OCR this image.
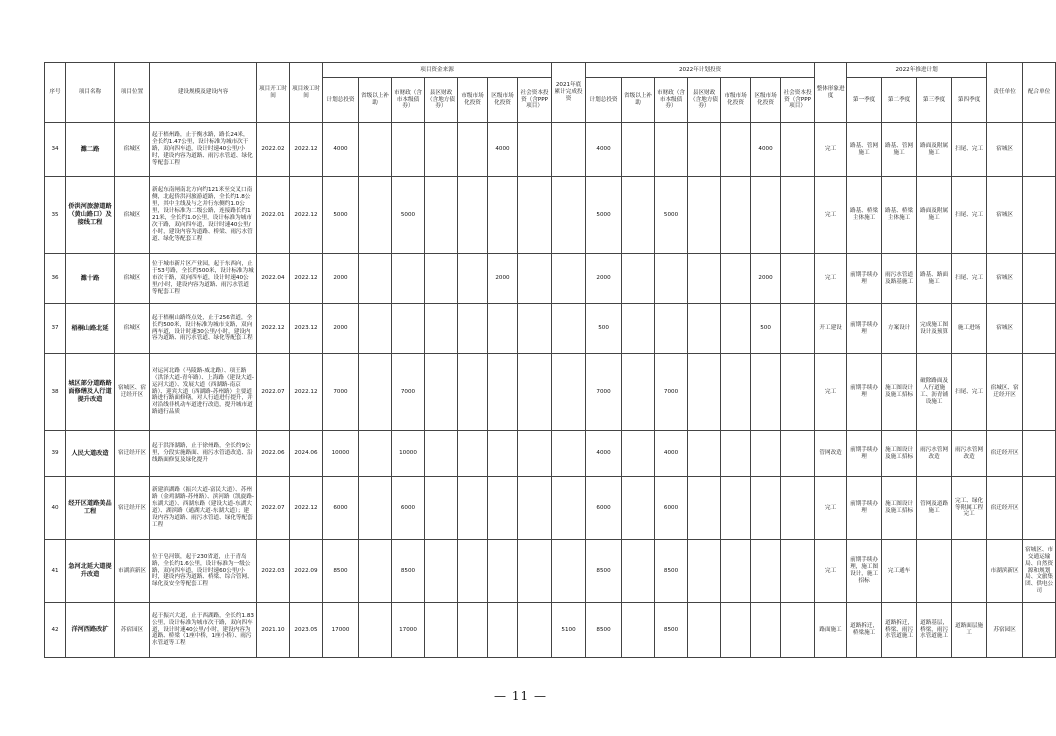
序号	项目名称	项目位置	建设规模及建设内容	项目开工时间	项目竣工时间	项目资金来源							2021年底累计完成投资	2022年计划投资							整体形象进度	2022年推进计划				责任单位	配合单位
						计划总投资	省级以上补助	市财政（含市本级债券）	县区财政（含地方债券）	市级市场化投资	区级市场化投资	社会资本投资（含PPP项目）		计划总投资	省级以上补助	市财政（含市本级债券）	县区财政（含地方债券）	市级市场化投资	区级市场化投资	社会资本投资（含PPP项目）		第一季度	第二季度	第三季度	第四季度		
34	濉二路	宿城区	起于梧州路，止于衡水路，路长24米，全长约1.47公里，设计标准为城市次干路，双向四车道，设计时速40公里/小时，建设内容为道路、雨污水管道、绿化等配套工程	2022.02	2022.12	4000					4000			4000					4000		完工	路基、管网施工	路基、管网施工	路面及附属施工	扫尾、完工	宿城区	
35	侨洪河旅游道路（黄山路口）及接线工程	宿城区	新起东南闸南北方向约121米至交叉口南侧，北起侨洪河旅游道路，全长约1.8公里，其中主线及与之并行东侧约1.0公里，设计标准为二级公路，连接路长约121米，全长约1.0公里，设计标准为城市次干路，双向四车道，设计时速40公里/小时，建设内容为道路、桥梁、雨污水管道、绿化等配套工程	2022.01	2022.12	5000		5000						5000		5000					完工	路基、桥梁主体施工	路基、桥梁主体施工	路面及附属施工	扫尾、完工	宿城区	
36	濉十路	宿城区	位于城市新片区产业园，起于东西向，止于53号路，全长约500米，设计标准为城市次干路，双向四车道，设计时速40公里/小时，建设内容为道路、雨污水管道等配套工程	2022.04	2022.12	2000					2000			2000					2000		完工	前期手续办理	雨污水管道及路基施工	路基、路面施工	扫尾、完工	宿城区	
37	梧桐山路北延	宿城区	起于梧桐山路终点处，止于256省道，全长约500米，设计标准为城市支路，双向两车道，设计时速30公里/小时，建设内容为道路、雨污水管道、绿化等配套工程	2022.12	2023.12	2000								500					500		开工建设	前期手续办理	方案设计	完成施工图设计及预算	施工进场	宿城区	
38	城区部分道路路面修缮及人行道提升改造	宿城区、宿迁经开区	对运河北路（马陵路-威北路）、项王路（洪泽大道-青年路）、上海路（建设大道-运河大道）、发展大道（西湖路-南京路）、迎宾大道（西湖路-苏州路）主要道路进行路面修缮，对人行道进行提升，并对沿线非机动车道进行改造，提升城市道路通行品质	2022.07	2022.12	7000		7000						7000		7000					完工	前期手续办理	施工图设计及施工招标	破除路面及人行道施工、沥青铺设施工	扫尾、完工	宿城区、宿迁经开区	
39	人民大道改造	宿迁经开区	起于洪泽湖路，止于徐州路，全长约9公里，分段实施路面、雨污水管道改造、沿线路面修复及绿化提升	2022.06	2024.06	10000		10000						4000		4000					管网改造	前期手续办理	施工图设计及施工招标	雨污水管网改造	雨污水管网改造	宿迁经开区	
40	经开区道路美品工程	宿迁经开区	新建滨湖路（振兴大道-富民大道）、苏州路（金鸡湖路-苏州路）、滨河路（凯旋路-东湖大道）、西湖东路（建设大道-东湖大道）、湖滨路（通湖大道-东湖大道）；建设内容为道路、雨污水管道、绿化等配套工程	2022.07	2022.12	6000		6000						6000		6000					完工	前期手续办理	施工图设计及施工招标	管网及道路施工	完工、绿化等附属工程完工	宿迁经开区	
41	急河北延大道提升改造	市湖滨新区	位于皂河镇，起于230省道，止于青岛路，全长约1.6公里，设计标准为一级公路，双向四车道，设计时速60公里/小时，建设内容为道路、桥梁、综合管网、绿化及安全等配套工程	2022.03	2022.09	8500		8500						8500		8500					完工	前期手续办理，施工图设计，施工招标	完工通车			市湖滨新区	宿城区、市交通运输局、自然资源和规划局、文旅集团、供电公司
42	洋河西路改扩	苏宿园区	起于振兴大道，止于西湖路，全长约1.83公里，设计标准为城市次干路，双向四车道，设计时速40公里/小时，建设内容为道路、桥梁（1座中桥，1座小桥）、雨污水管道等工程	2021.10	2023.05	17000		17000					5100	8500		8500					路面施工	道路拆迁，桥梁施工	道路拆迁，桥梁、雨污水管道施工	道路基层，桥梁，雨污水管道施工	道路面层施工	苏宿园区	
— 11 —
